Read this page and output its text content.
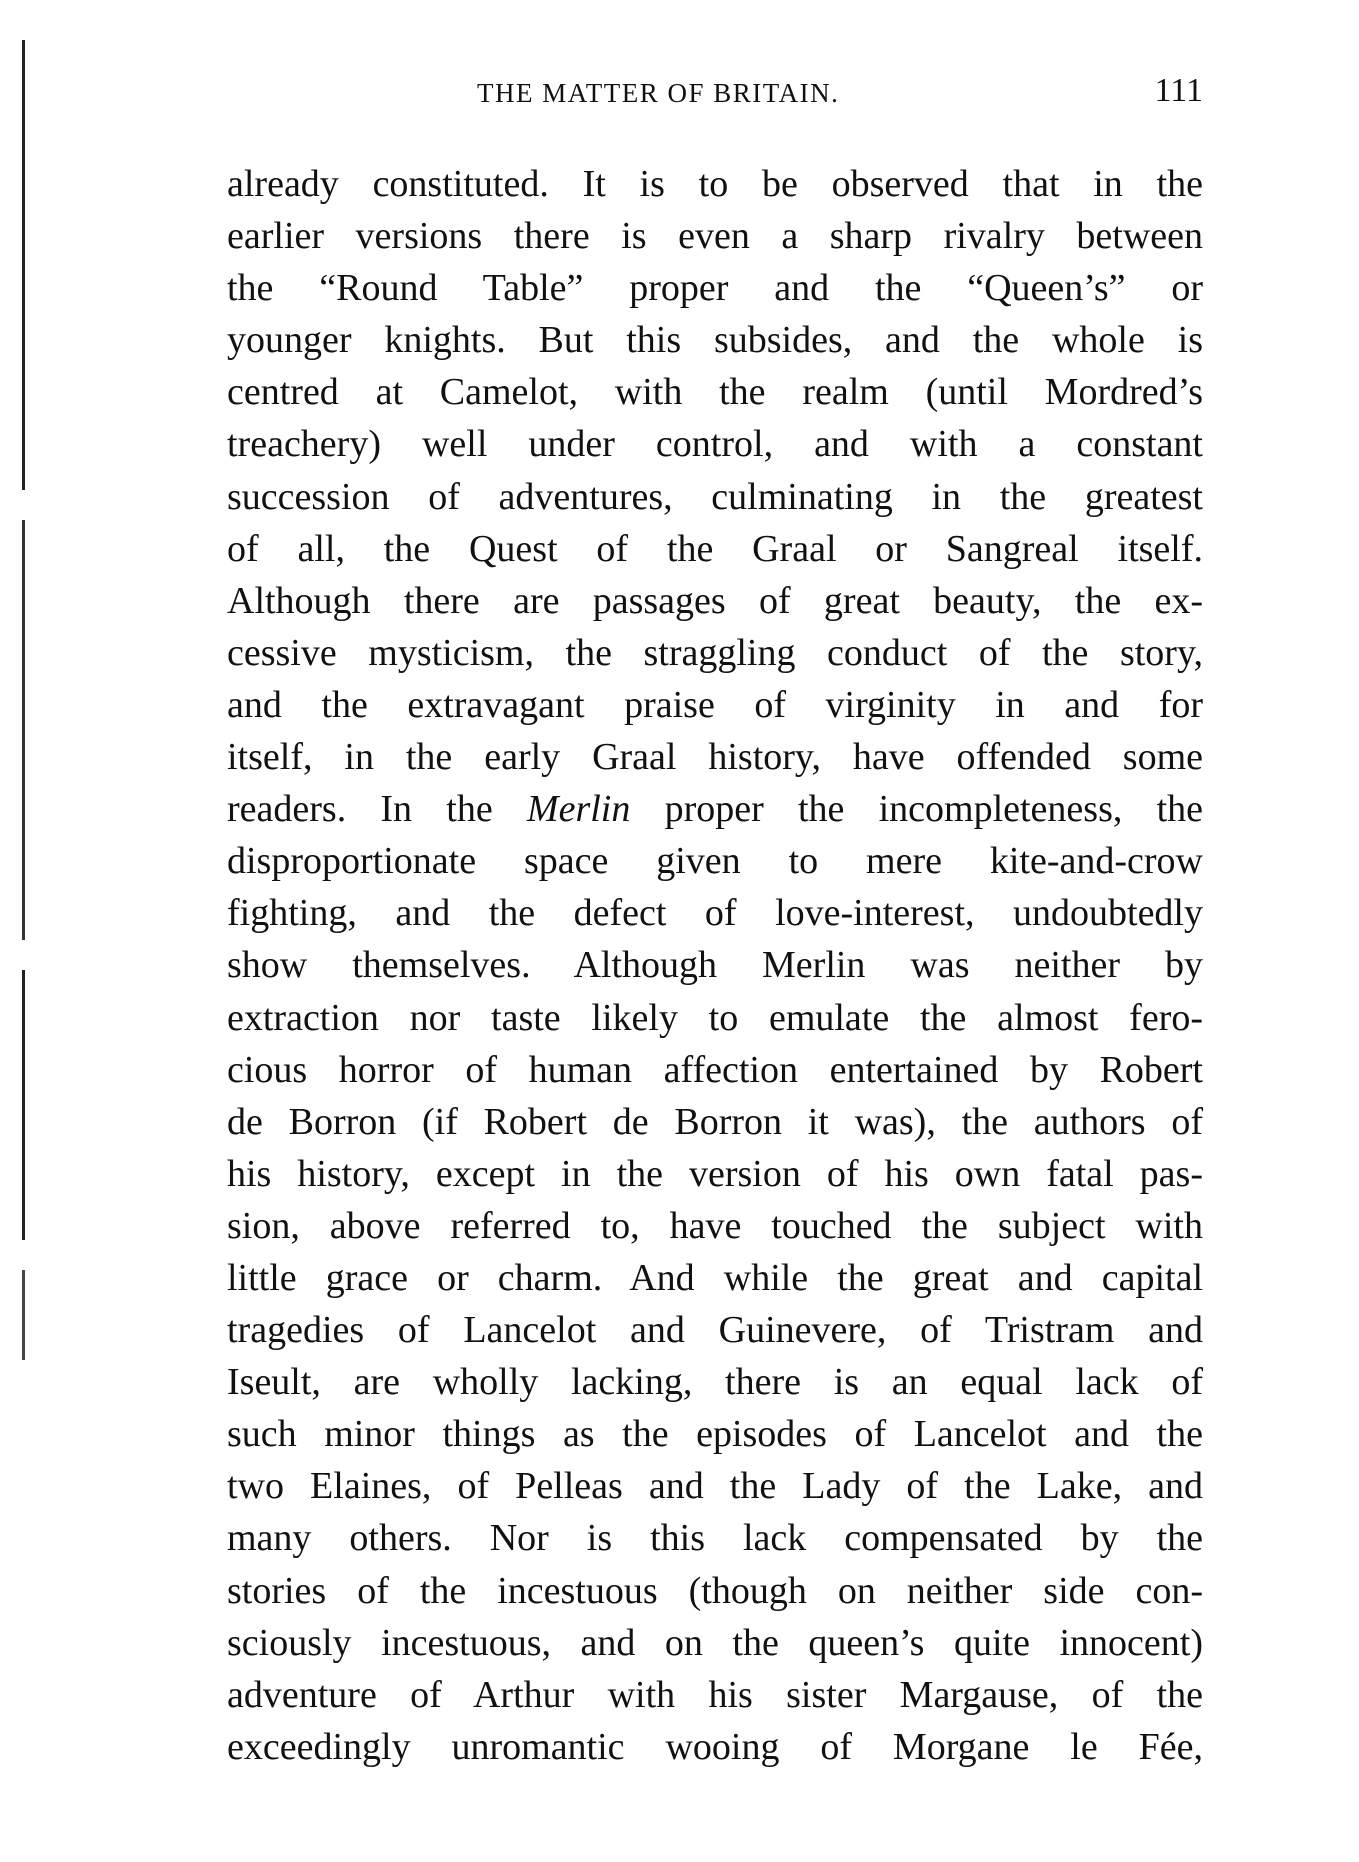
THE MATTER OF BRITAIN.	111
already constituted. It is to be observed that in the
earlier versions there is even a sharp rivalry between
the “Round Table” proper and the “Queen’s” or
younger knights. But this subsides, and the whole is
centred at Camelot, with the realm (until Mordred’s
treachery) well under control, and with a constant
succession of adventures, culminating in the greatest
of all, the Quest of the Graal or Sangreal itself.
Although there are passages of great beauty, the ex-
cessive mysticism, the straggling conduct of the story,
and the extravagant praise of virginity in and for
itself, in the early Graal history, have offended some
readers. In the Merlin proper the incompleteness, the
disproportionate space given to mere kite-and-crow
fighting, and the defect of love-interest, undoubtedly
show themselves. Although Merlin was neither by
extraction nor taste likely to emulate the almost fero-
cious horror of human affection entertained by Robert
de Borron (if Robert de Borron it was), the authors of
his history, except in the version of his own fatal pas-
sion, above referred to, have touched the subject with
little grace or charm. And while the great and capital
tragedies of Lancelot and Guinevere, of Tristram and
Iseult, are wholly lacking, there is an equal lack of
such minor things as the episodes of Lancelot and the
two Elaines, of Pelleas and the Lady of the Lake, and
many others. Nor is this lack compensated by the
stories of the incestuous (though on neither side con-
sciously incestuous, and on the queen’s quite innocent)
adventure of Arthur with his sister Margause, of the
exceedingly unromantic wooing of Morgane le Fée,
